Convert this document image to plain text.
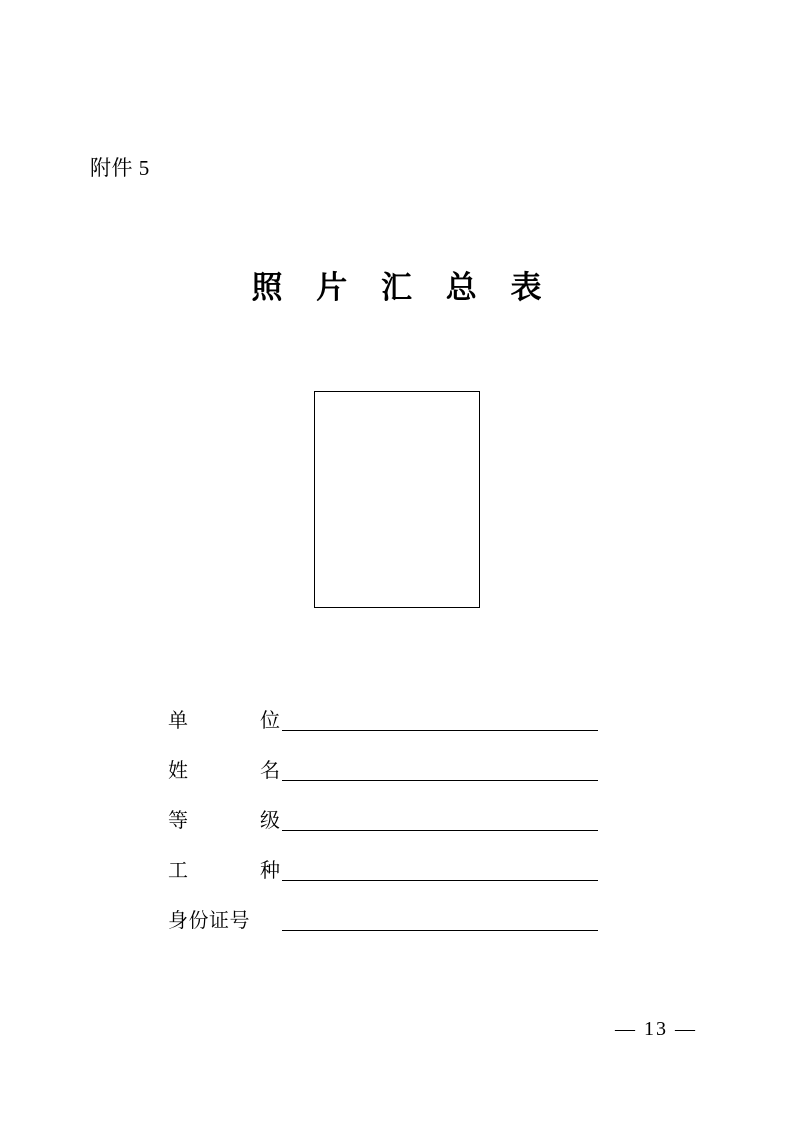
附件 5
照 片 汇 总 表
单	位
姓	名
等	级
工	种
身份证号
— 13 —
